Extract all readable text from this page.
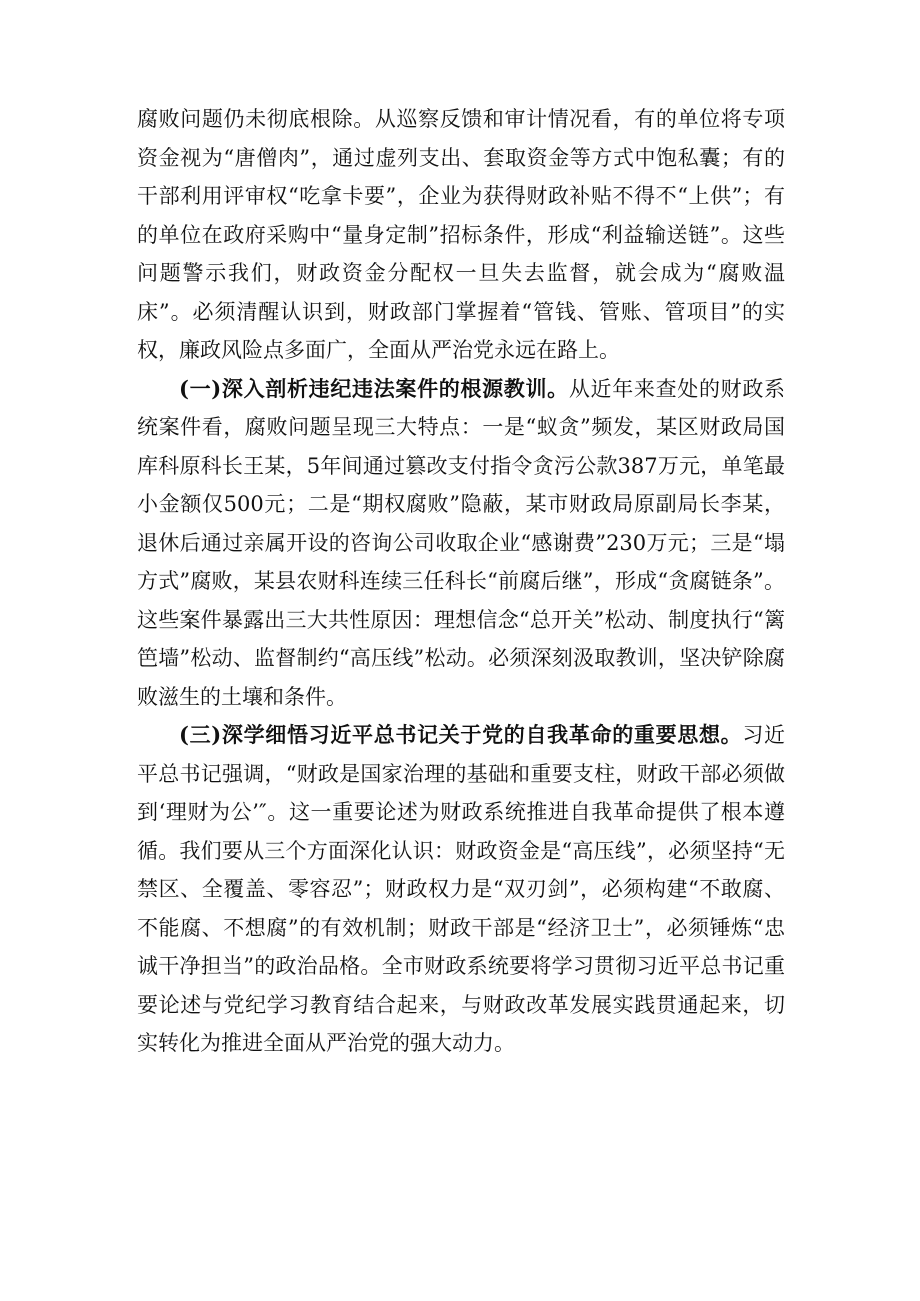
腐败问题仍未彻底根除。从巡察反馈和审计情况看，有的单位将专项资金视为“唐僧肉”，通过虚列支出、套取资金等方式中饱私囊；有的干部利用评审权“吃拿卡要”，企业为获得财政补贴不得不“上供”；有的单位在政府采购中“量身定制”招标条件，形成“利益输送链”。这些问题警示我们，财政资金分配权一旦失去监督，就会成为“腐败温床”。必须清醒认识到，财政部门掌握着“管钱、管账、管项目”的实权，廉政风险点多面广，全面从严治党永远在路上。

(一)深入剖析违纪违法案件的根源教训。从近年来查处的财政系统案件看，腐败问题呈现三大特点：一是“蚁贪”频发，某区财政局国库科原科长王某，5年间通过篡改支付指令贪污公款387万元，单笔最小金额仅500元；二是“期权腐败”隐蔽，某市财政局原副局长李某，退休后通过亲属开设的咨询公司收取企业“感谢费”230万元；三是“塌方式”腐败，某县农财科连续三任科长“前腐后继”，形成“贪腐链条”。这些案件暴露出三大共性原因：理想信念“总开关”松动、制度执行“篱笆墙”松动、监督制约“高压线”松动。必须深刻汲取教训，坚决铲除腐败滋生的土壤和条件。

(三)深学细悟习近平总书记关于党的自我革命的重要思想。习近平总书记强调，“财政是国家治理的基础和重要支柱，财政干部必须做到‘理财为公’″。这一重要论述为财政系统推进自我革命提供了根本遵循。我们要从三个方面深化认识：财政资金是“高压线”，必须坚持“无禁区、全覆盖、零容忍”；财政权力是“双刃剑”，必须构建“不敢腐、不能腐、不想腐”的有效机制；财政干部是“经济卫士”，必须锤炼“忠诚干净担当”的政治品格。全市财政系统要将学习贯彻习近平总书记重要论述与党纪学习教育结合起来，与财政改革发展实践贯通起来，切实转化为推进全面从严治党的强大动力。
